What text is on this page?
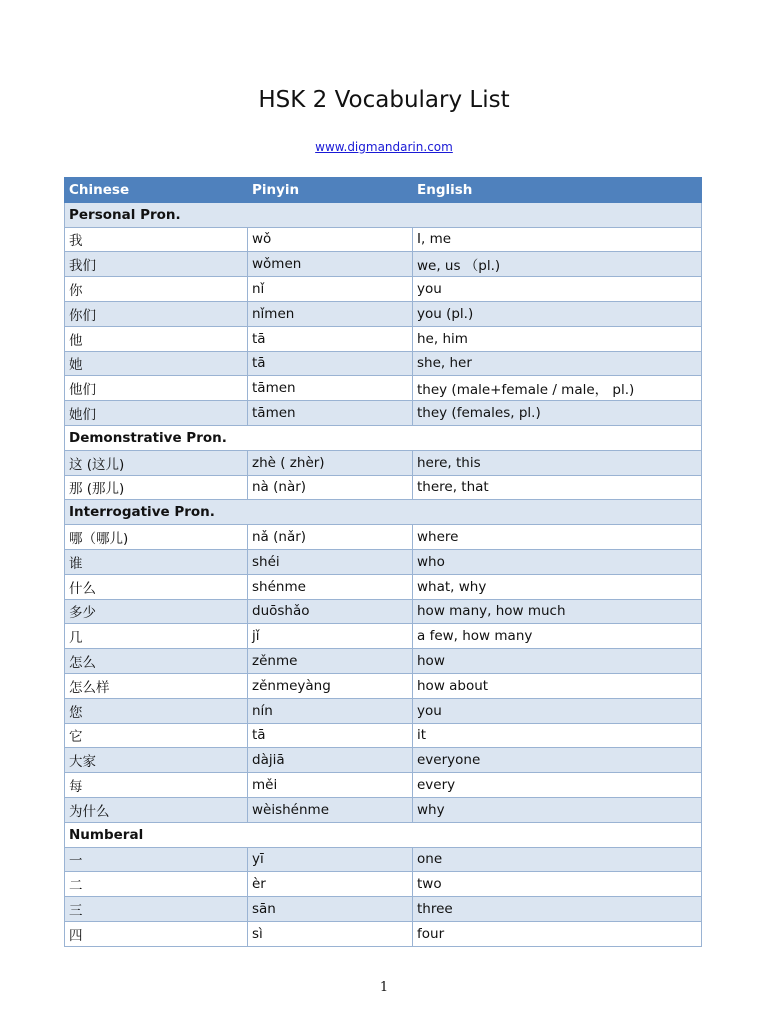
HSK 2 Vocabulary List
www.digmandarin.com
Chinese	Pinyin	English
Personal Pron.		
我	wǒ	I, me
我们	wǒmen	we, us （pl.)
你	nǐ	you
你们	nǐmen	you (pl.)
他	tā	he, him
她	tā	she, her
他们	tāmen	they (male+female / male， pl.)
她们	tāmen	they (females, pl.)
Demonstrative Pron.		
这 (这儿)	zhè ( zhèr)	here, this
那 (那儿)	nà (nàr)	there, that
Interrogative Pron.		
哪（哪儿)	nǎ (nǎr)	where
谁	shéi	who
什么	shénme	what, why
多少	duōshǎo	how many, how much
几	jǐ	a few, how many
怎么	zěnme	how
怎么样	zěnmeyàng	how about
您	nín	you
它	tā	it
大家	dàjiā	everyone
每	měi	every
为什么	wèishénme	why
Numberal		
一	yī	one
二	èr	two
三	sān	three
四	sì	four
1
